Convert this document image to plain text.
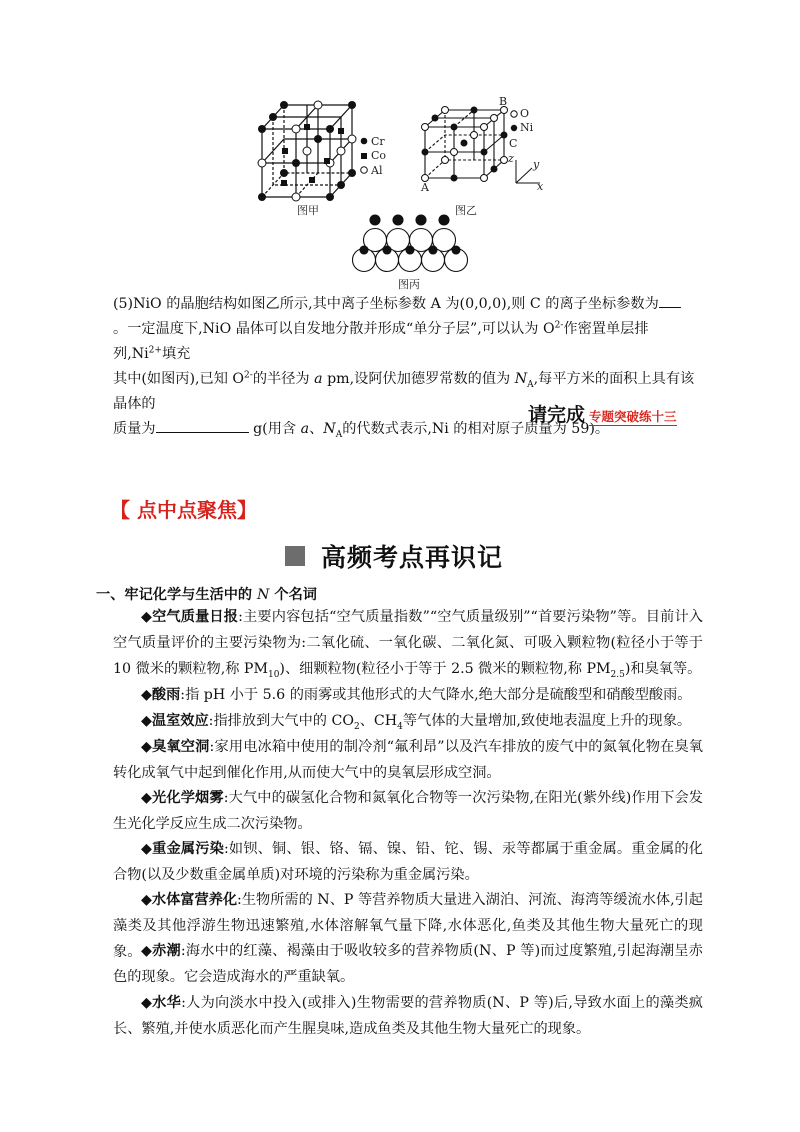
Cr
Co
Al
图甲
O
Ni
B
C
A
z y
x
图乙
图丙
(5)NiO 的晶胞结构如图乙所示,其中离子坐标参数 A 为(0,0,0),则 C 的离子坐标参数为
。一定温度下,NiO 晶体可以自发地分散并形成“单分子层”,可以认为 $O^{2-}$作密置单层排列$,Ni^{2+}$填充
其中(如图丙),已知 $O^{2-}$的半径为 a pm,设阿伏加德罗常数的值为 $N_A$,每平方米的面积上具有该晶体的
质量为	g(用含 a、$N_A$的代数式表示,Ni 的相对原子质量为 59)。
请完成 专题突破练十三
【 点中点聚焦】
高频考点再识记
一、牢记化学与生活中的 N 个名词
◆空气质量日报:主要内容包括“空气质量指数”“空气质量级别”“首要污染物”等。目前计入空气质量评价的主要污染物为:二氧化硫、一氧化碳、二氧化氮、可吸入颗粒物(粒径小于等于10 微米的颗粒物,称 $PM_{10}$)、细颗粒物(粒径小于等于 2.5 微米的颗粒物,称 $PM_{2.5}$)和臭氧等。
◆酸雨:指 pH 小于 5.6 的雨雾或其他形式的大气降水,绝大部分是硫酸型和硝酸型酸雨。
◆温室效应:指排放到大气中的 $CO_2$、$CH_4$等气体的大量增加,致使地表温度上升的现象。
◆臭氧空洞:家用电冰箱中使用的制冷剂“氟利昂”以及汽车排放的废气中的氮氧化物在臭氧转化成氧气中起到催化作用,从而使大气中的臭氧层形成空洞。
◆光化学烟雾:大气中的碳氢化合物和氮氧化合物等一次污染物,在阳光(紫外线)作用下会发生光化学反应生成二次污染物。
◆重金属污染:如钡、铜、银、铬、镉、镍、铅、铊、锡、汞等都属于重金属。重金属的化合物(以及少数重金属单质)对环境的污染称为重金属污染。
◆水体富营养化:生物所需的 N、P 等营养物质大量进入湖泊、河流、海湾等缓流水体,引起藻类及其他浮游生物迅速繁殖,水体溶解氧气量下降,水体恶化,鱼类及其他生物大量死亡的现象。 ◆赤潮:海水中的红藻、褐藻由于吸收较多的营养物质(N、P 等)而过度繁殖,引起海潮呈赤色的现象。它会造成海水的严重缺氧。
◆水华:人为向淡水中投入(或排入)生物需要的营养物质(N、P 等)后,导致水面上的藻类疯长、繁殖,并使水质恶化而产生腥臭味,造成鱼类及其他生物大量死亡的现象。
